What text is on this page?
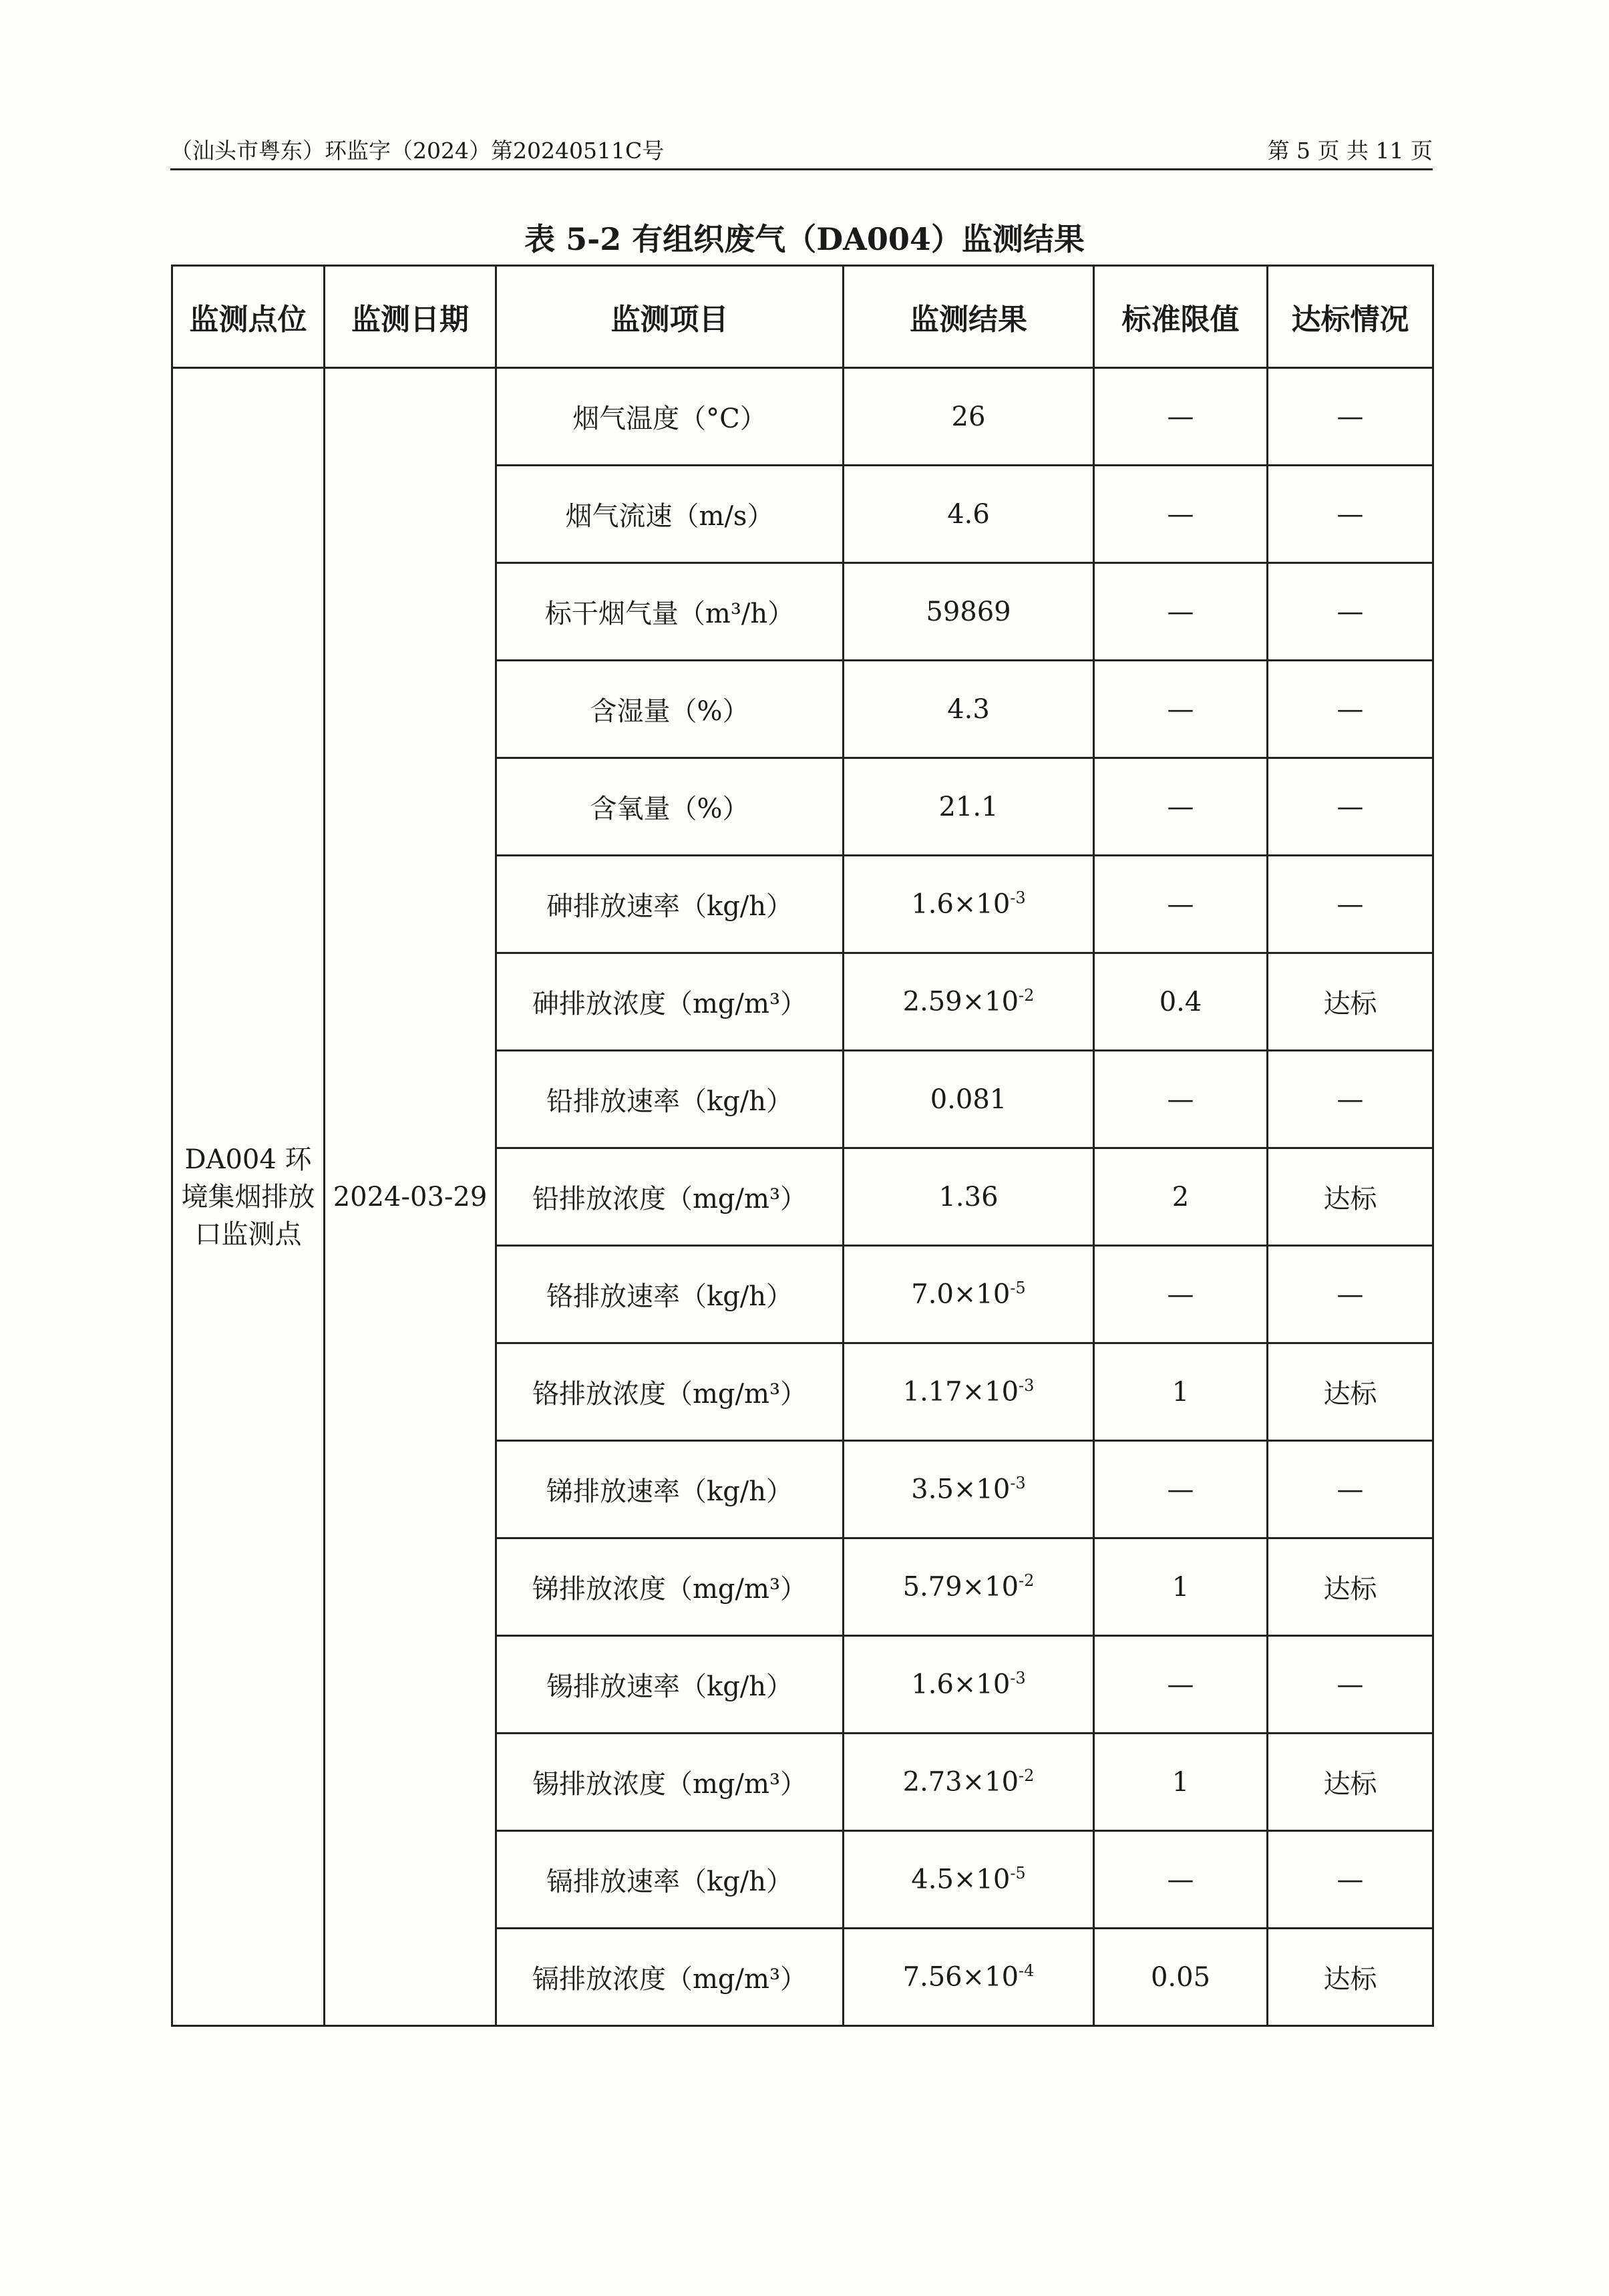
（汕头市粤东）环监字（2024）第20240511C号	第 5 页 共 11 页
表 5-2 有组织废气（DA004）监测结果
监测点位	监测日期	监测项目	监测结果	标准限值	达标情况
DA004 环境集烟排放口监测点	2024-03-29	烟气温度（°C）	26	—	—
		烟气流速（m/s）	4.6	—	—
		标干烟气量（m³/h）	59869	—	—
		含湿量（%）	4.3	—	—
		含氧量（%）	21.1	—	—
		砷排放速率（kg/h）	$1.6\times 10^{-3}$	—	—
		砷排放浓度（mg/m³）	$2.59\times 10^{-2}$	0.4	达标
		铅排放速率（kg/h）	0.081	—	—
		铅排放浓度（mg/m³）	1.36	2	达标
		铬排放速率（kg/h）	$7.0\times 10^{-5}$	—	—
		铬排放浓度（mg/m³）	$1.17\times 10^{-3}$	1	达标
		锑排放速率（kg/h）	$3.5\times 10^{-3}$	—	—
		锑排放浓度（mg/m³）	$5.79\times 10^{-2}$	1	达标
		锡排放速率（kg/h）	$1.6\times 10^{-3}$	—	—
		锡排放浓度（mg/m³）	$2.73\times 10^{-2}$	1	达标
		镉排放速率（kg/h）	$4.5\times 10^{-5}$	—	—
		镉排放浓度（mg/m³）	$7.56\times 10^{-4}$	0.05	达标
